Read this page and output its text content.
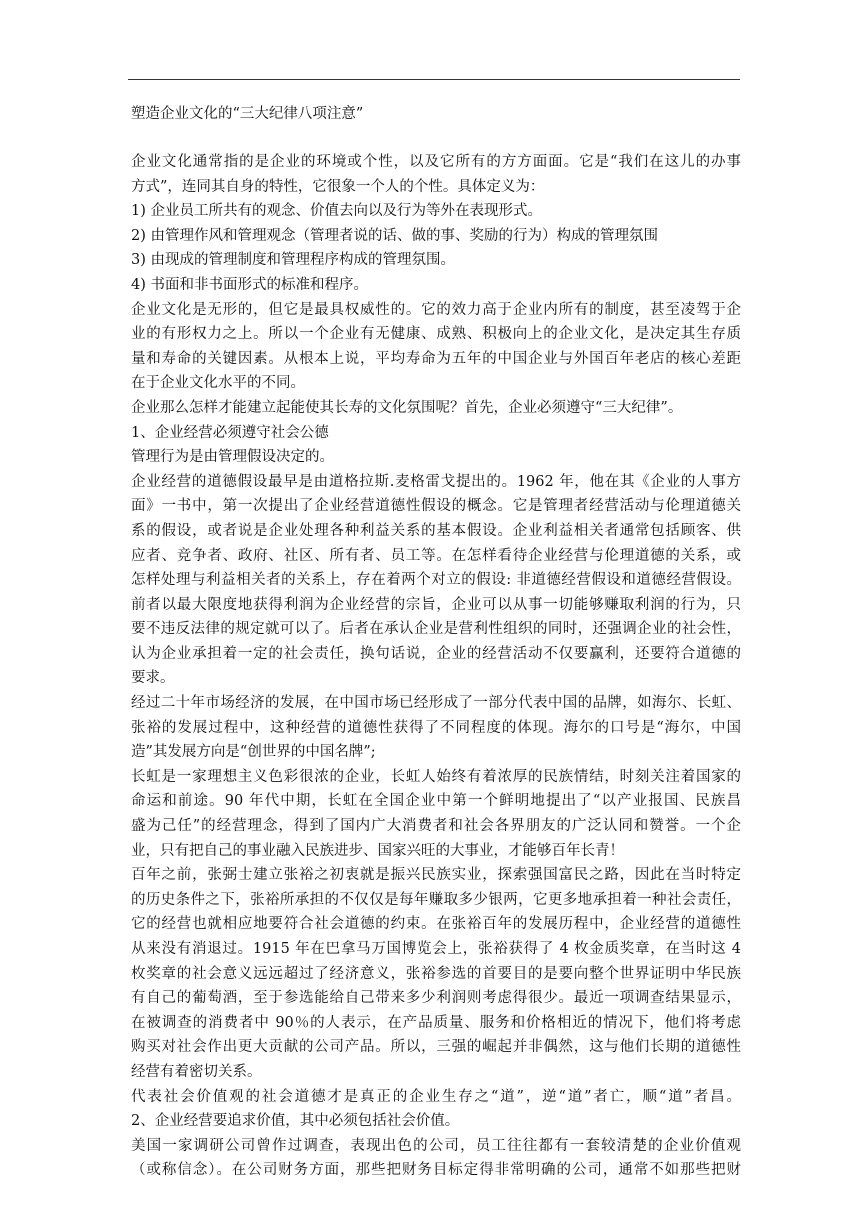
塑造企业文化的“三大纪律八项注意”
企业文化通常指的是企业的环境或个性，以及它所有的方方面面。它是“我们在这儿的办事
方式”，连同其自身的特性，它很象一个人的个性。具体定义为：
1) 企业员工所共有的观念、价值去向以及行为等外在表现形式。
2) 由管理作风和管理观念（管理者说的话、做的事、奖励的行为）构成的管理氛围
3) 由现成的管理制度和管理程序构成的管理氛围。
4) 书面和非书面形式的标准和程序。
企业文化是无形的，但它是最具权威性的。它的效力高于企业内所有的制度，甚至凌驾于企
业的有形权力之上。所以一个企业有无健康、成熟、积极向上的企业文化，是决定其生存质
量和寿命的关键因素。从根本上说，平均寿命为五年的中国企业与外国百年老店的核心差距
在于企业文化水平的不同。
企业那么怎样才能建立起能使其长寿的文化氛围呢？首先，企业必须遵守“三大纪律”。
1、企业经营必须遵守社会公德
管理行为是由管理假设决定的。
企业经营的道德假设最早是由道格拉斯.麦格雷戈提出的。1962 年，他在其《企业的人事方
面》一书中，第一次提出了企业经营道德性假设的概念。它是管理者经营活动与伦理道德关
系的假设，或者说是企业处理各种利益关系的基本假设。企业利益相关者通常包括顾客、供
应者、竞争者、政府、社区、所有者、员工等。在怎样看待企业经营与伦理道德的关系，或
怎样处理与利益相关者的关系上，存在着两个对立的假设: 非道德经营假设和道德经营假设。
前者以最大限度地获得利润为企业经营的宗旨，企业可以从事一切能够赚取利润的行为，只
要不违反法律的规定就可以了。后者在承认企业是营利性组织的同时，还强调企业的社会性，
认为企业承担着一定的社会责任，换句话说，企业的经营活动不仅要赢利，还要符合道德的
要求。
经过二十年市场经济的发展，在中国市场已经形成了一部分代表中国的品牌，如海尔、长虹、
张裕的发展过程中，这种经营的道德性获得了不同程度的体现。海尔的口号是“海尔，中国
造”其发展方向是“创世界的中国名牌”;
长虹是一家理想主义色彩很浓的企业，长虹人始终有着浓厚的民族情结，时刻关注着国家的
命运和前途。90 年代中期，长虹在全国企业中第一个鲜明地提出了“以产业报国、民族昌
盛为己任”的经营理念，得到了国内广大消费者和社会各界朋友的广泛认同和赞誉。一个企
业，只有把自己的事业融入民族进步、国家兴旺的大事业，才能够百年长青！
百年之前，张弼士建立张裕之初衷就是振兴民族实业，探索强国富民之路，因此在当时特定
的历史条件之下，张裕所承担的不仅仅是每年赚取多少银两，它更多地承担着一种社会责任，
它的经营也就相应地要符合社会道德的约束。在张裕百年的发展历程中，企业经营的道德性
从来没有消退过。1915 年在巴拿马万国博览会上，张裕获得了 4 枚金质奖章，在当时这 4
枚奖章的社会意义远远超过了经济意义，张裕参选的首要目的是要向整个世界证明中华民族
有自己的葡萄酒，至于参选能给自己带来多少利润则考虑得很少。最近一项调查结果显示，
在被调查的消费者中 90％的人表示，在产品质量、服务和价格相近的情况下，他们将考虑
购买对社会作出更大贡献的公司产品。所以，三强的崛起并非偶然，这与他们长期的道德性
经营有着密切关系。
代表社会价值观的社会道德才是真正的企业生存之“道”，逆“道”者亡，顺“道”者昌。
2、企业经营要追求价值，其中必须包括社会价值。
美国一家调研公司曾作过调查，表现出色的公司，员工往往都有一套较清楚的企业价值观
（或称信念）。在公司财务方面，那些把财务目标定得非常明确的公司，通常不如那些把财
